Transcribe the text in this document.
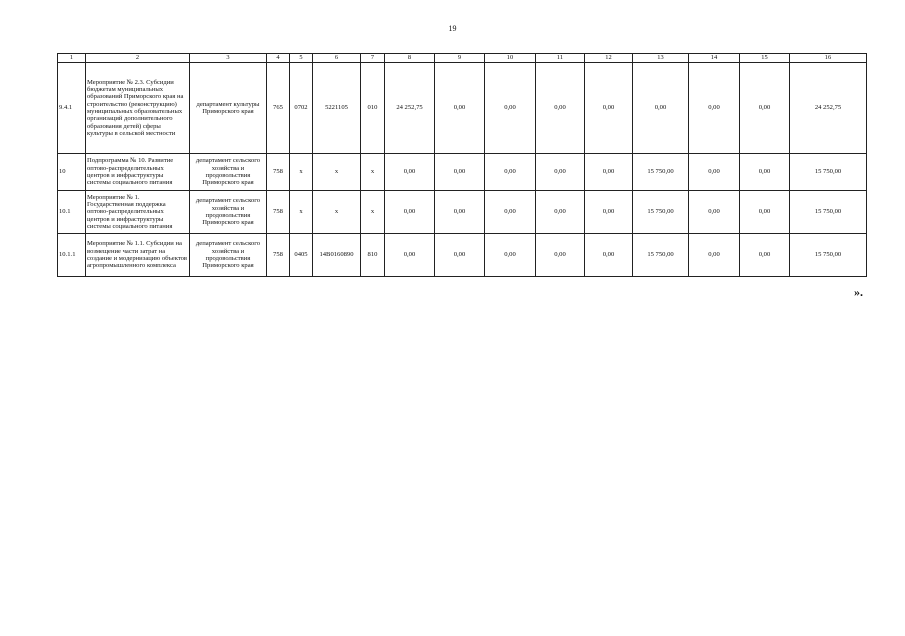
19
1	2	3	4	5	6	7	8	9	10	11	12	13	14	15	16
9.4.1	Мероприятие № 2.3. Субсидии бюджетам муниципальных образований Приморского края на строительство (реконструкцию) муниципальных образовательных организаций дополнительного образования детей) сферы культуры в сельской местности	департамент культуры Приморского края	765	0702	5221105	010	24 252,75	0,00	0,00	0,00	0,00	0,00	0,00	0,00	24 252,75
10	Подпрограмма № 10. Развитие оптово-распределительных центров и инфраструктуры системы социального питания	департамент сельского хозяйства и продовольствия Приморского края	758	x	x	x	0,00	0,00	0,00	0,00	0,00	15 750,00	0,00	0,00	15 750,00
10.1	Мероприятие № 1. Государственная поддержка оптово-распределительных центров и инфраструктуры системы социального питания	департамент сельского хозяйства и продовольствия Приморского края	758	x	x	x	0,00	0,00	0,00	0,00	0,00	15 750,00	0,00	0,00	15 750,00
10.1.1	Мероприятие № 1.1. Субсидии на возмещение части затрат на создание и модернизацию объектов агропромышленного комплекса	департамент сельского хозяйства и продовольствия Приморского края	758	0405	14В0160890	810	0,00	0,00	0,00	0,00	0,00	15 750,00	0,00	0,00	15 750,00
».
